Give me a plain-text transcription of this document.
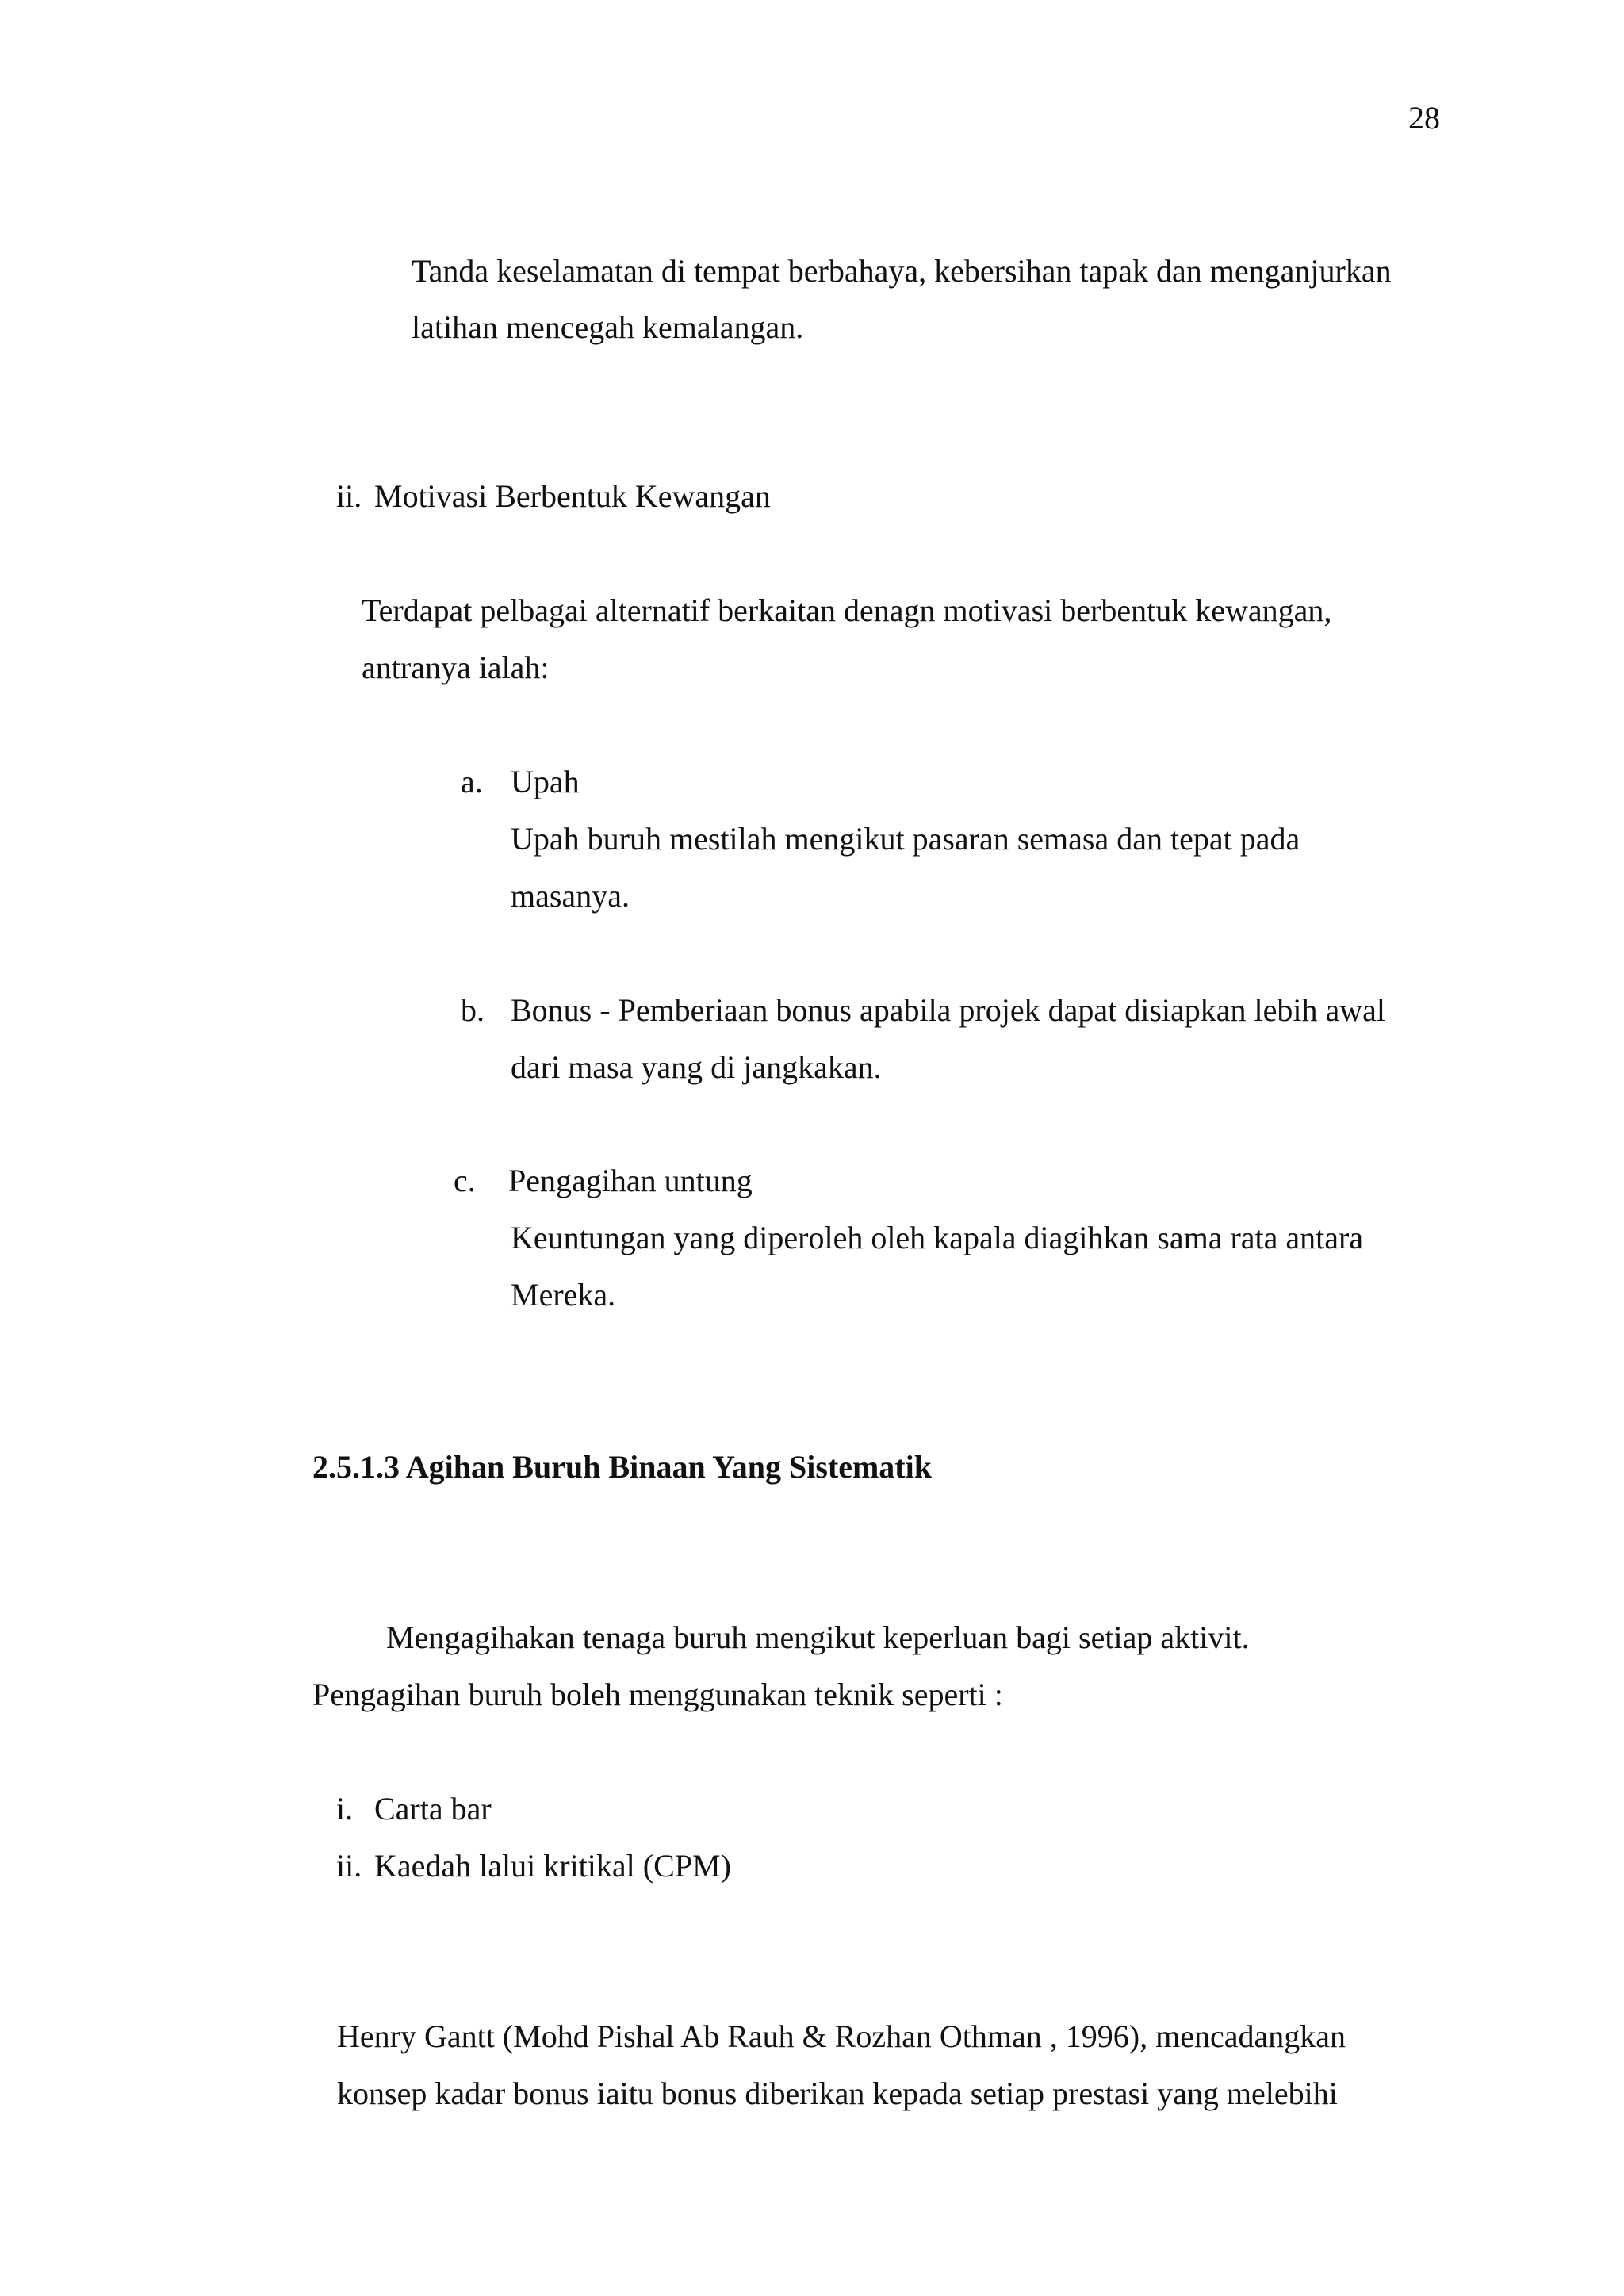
28

Tanda keselamatan di tempat berbahaya, kebersihan tapak dan menganjurkan

latihan mencegah kemalangan.

ii. Motivasi Berbentuk Kewangan

Terdapat pelbagai alternatif berkaitan denagn motivasi berbentuk kewangan,

antranya ialah:

a. Upah

Upah buruh mestilah mengikut pasaran semasa dan tepat pada

masanya.

b. Bonus - Pemberiaan bonus apabila projek dapat disiapkan lebih awal

dari masa yang di jangkakan.

c. Pengagihan untung

Keuntungan yang diperoleh oleh kapala diagihkan sama rata antara

Mereka.

2.5.1.3 Agihan Buruh Binaan Yang Sistematik

Mengagihakan tenaga buruh mengikut keperluan bagi setiap aktivit.

Pengagihan buruh boleh menggunakan teknik seperti :

i. Carta bar

ii. Kaedah lalui kritikal (CPM)

Henry Gantt (Mohd Pishal Ab Rauh & Rozhan Othman , 1996), mencadangkan

konsep kadar bonus iaitu bonus diberikan kepada setiap prestasi yang melebihi
